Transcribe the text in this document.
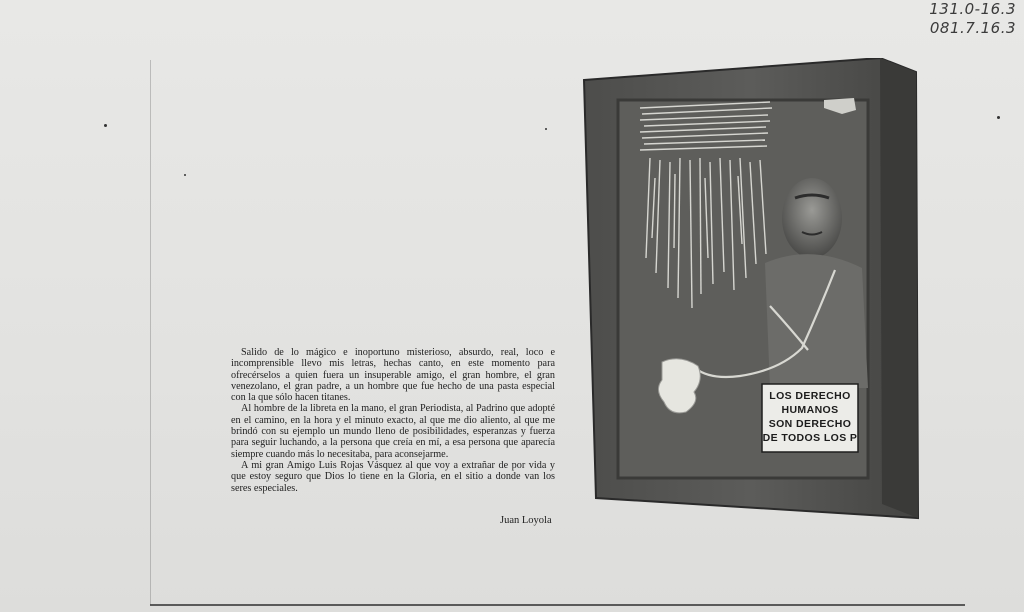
131.0-16.3
081.7.16.3

Salido de lo mágico e inoportuno misterioso, absurdo, real, loco e incomprensible llevo mis letras, hechas canto, en este momento para ofrecérselos a quien fuera un insuperable amigo, el gran hombre, el gran venezolano, el gran padre, a un hombre que fue hecho de una pasta especial con la que sólo hacen titanes.

Al hombre de la libreta en la mano, el gran Periodista, al Padrino que adopté en el camino, en la hora y el minuto exacto, al que me dio aliento, al que me brindó con su ejemplo un mundo lleno de posibilidades, esperanzas y fuerza para seguir luchando, a la persona que creía en mí, a esa persona que aparecía siempre cuando más lo necesitaba, para aconsejarme.

A mi gran Amigo Luis Rojas Vásquez al que voy a extrañar de por vida y que estoy seguro que Dios lo tiene en la Gloria, en el sitio a donde van los seres especiales.

Juan Loyola
LOS DERECHO
HUMANOS
SON DERECHO
DE TODOS LOS P
